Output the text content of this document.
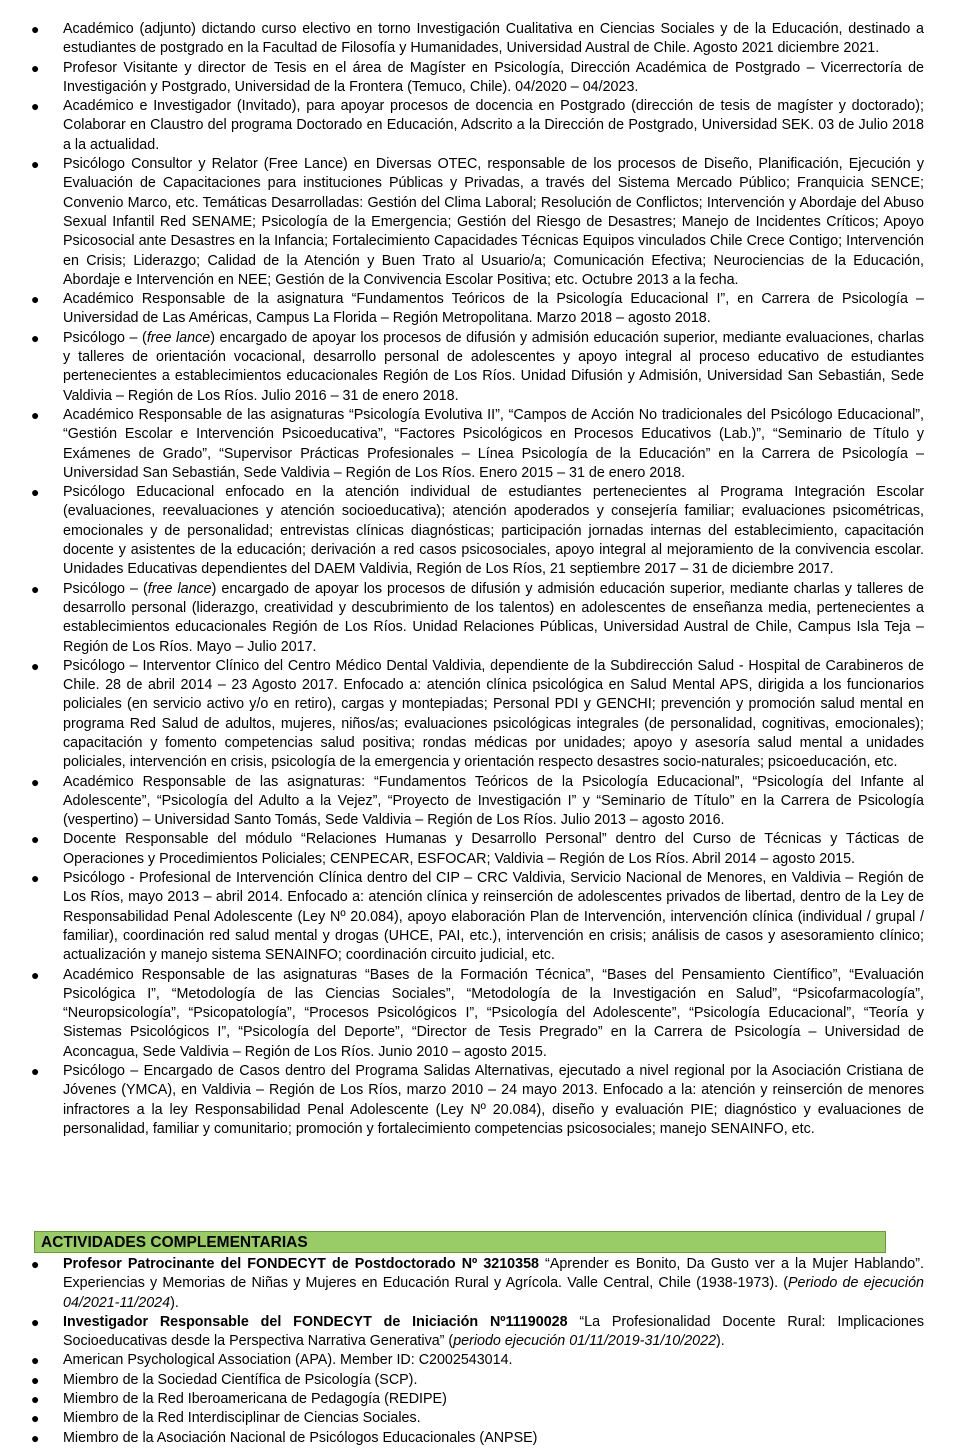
● Académico (adjunto) dictando curso electivo en torno Investigación Cualitativa en Ciencias Sociales y de la Educación, destinado a estudiantes de postgrado en la Facultad de Filosofía y Humanidades, Universidad Austral de Chile. Agosto 2021 diciembre 2021.
● Profesor Visitante y director de Tesis en el área de Magíster en Psicología, Dirección Académica de Postgrado – Vicerrectoría de Investigación y Postgrado, Universidad de la Frontera (Temuco, Chile). 04/2020 – 04/2023.
● Académico e Investigador (Invitado), para apoyar procesos de docencia en Postgrado (dirección de tesis de magíster y doctorado); Colaborar en Claustro del programa Doctorado en Educación, Adscrito a la Dirección de Postgrado, Universidad SEK. 03 de Julio 2018 a la actualidad.
● Psicólogo Consultor y Relator (Free Lance) en Diversas OTEC, responsable de los procesos de Diseño, Planificación, Ejecución y Evaluación de Capacitaciones para instituciones Públicas y Privadas, a través del Sistema Mercado Público; Franquicia SENCE; Convenio Marco, etc. Temáticas Desarrolladas: Gestión del Clima Laboral; Resolución de Conflictos; Intervención y Abordaje del Abuso Sexual Infantil Red SENAME; Psicología de la Emergencia; Gestión del Riesgo de Desastres; Manejo de Incidentes Críticos; Apoyo Psicosocial ante Desastres en la Infancia; Fortalecimiento Capacidades Técnicas Equipos vinculados Chile Crece Contigo; Intervención en Crisis; Liderazgo; Calidad de la Atención y Buen Trato al Usuario/a; Comunicación Efectiva; Neurociencias de la Educación, Abordaje e Intervención en NEE; Gestión de la Convivencia Escolar Positiva; etc. Octubre 2013 a la fecha.
● Académico Responsable de la asignatura “Fundamentos Teóricos de la Psicología Educacional I”, en Carrera de Psicología – Universidad de Las Américas, Campus La Florida – Región Metropolitana. Marzo 2018 – agosto 2018.
● Psicólogo – (free lance) encargado de apoyar los procesos de difusión y admisión educación superior, mediante evaluaciones, charlas y talleres de orientación vocacional, desarrollo personal de adolescentes y apoyo integral al proceso educativo de estudiantes pertenecientes a establecimientos educacionales Región de Los Ríos. Unidad Difusión y Admisión, Universidad San Sebastián, Sede Valdivia – Región de Los Ríos. Julio 2016 – 31 de enero 2018.
● Académico Responsable de las asignaturas “Psicología Evolutiva II”, “Campos de Acción No tradicionales del Psicólogo Educacional”, “Gestión Escolar e Intervención Psicoeducativa”, “Factores Psicológicos en Procesos Educativos (Lab.)”, “Seminario de Título y Exámenes de Grado”, “Supervisor Prácticas Profesionales – Línea Psicología de la Educación” en la Carrera de Psicología – Universidad San Sebastián, Sede Valdivia – Región de Los Ríos. Enero 2015 – 31 de enero 2018.
● Psicólogo Educacional enfocado en la atención individual de estudiantes pertenecientes al Programa Integración Escolar (evaluaciones, reevaluaciones y atención socioeducativa); atención apoderados y consejería familiar; evaluaciones psicométricas, emocionales y de personalidad; entrevistas clínicas diagnósticas; participación jornadas internas del establecimiento, capacitación docente y asistentes de la educación; derivación a red casos psicosociales, apoyo integral al mejoramiento de la convivencia escolar. Unidades Educativas dependientes del DAEM Valdivia, Región de Los Ríos, 21 septiembre 2017 – 31 de diciembre 2017.
● Psicólogo – (free lance) encargado de apoyar los procesos de difusión y admisión educación superior, mediante charlas y talleres de desarrollo personal (liderazgo, creatividad y descubrimiento de los talentos) en adolescentes de enseñanza media, pertenecientes a establecimientos educacionales Región de Los Ríos. Unidad Relaciones Públicas, Universidad Austral de Chile, Campus Isla Teja – Región de Los Ríos. Mayo – Julio 2017.
● Psicólogo – Interventor Clínico del Centro Médico Dental Valdivia, dependiente de la Subdirección Salud - Hospital de Carabineros de Chile. 28 de abril 2014 – 23 Agosto 2017. Enfocado a: atención clínica psicológica en Salud Mental APS, dirigida a los funcionarios policiales (en servicio activo y/o en retiro), cargas y montepiadas; Personal PDI y GENCHI; prevención y promoción salud mental en programa Red Salud de adultos, mujeres, niños/as; evaluaciones psicológicas integrales (de personalidad, cognitivas, emocionales); capacitación y fomento competencias salud positiva; rondas médicas por unidades; apoyo y asesoría salud mental a unidades policiales, intervención en crisis, psicología de la emergencia y orientación respecto desastres socio-naturales; psicoeducación, etc.
● Académico Responsable de las asignaturas: “Fundamentos Teóricos de la Psicología Educacional”, “Psicología del Infante al Adolescente”, “Psicología del Adulto a la Vejez”, “Proyecto de Investigación I” y “Seminario de Título” en la Carrera de Psicología (vespertino) – Universidad Santo Tomás, Sede Valdivia – Región de Los Ríos. Julio 2013 – agosto 2016.
● Docente Responsable del módulo “Relaciones Humanas y Desarrollo Personal” dentro del Curso de Técnicas y Tácticas de Operaciones y Procedimientos Policiales; CENPECAR, ESFOCAR; Valdivia – Región de Los Ríos. Abril 2014 – agosto 2015.
● Psicólogo - Profesional de Intervención Clínica dentro del CIP – CRC Valdivia, Servicio Nacional de Menores, en Valdivia – Región de Los Ríos, mayo 2013 – abril 2014. Enfocado a: atención clínica y reinserción de adolescentes privados de libertad, dentro de la Ley de Responsabilidad Penal Adolescente (Ley Nº 20.084), apoyo elaboración Plan de Intervención, intervención clínica (individual / grupal / familiar), coordinación red salud mental y drogas (UHCE, PAI, etc.), intervención en crisis; análisis de casos y asesoramiento clínico; actualización y manejo sistema SENAINFO; coordinación circuito judicial, etc.
● Académico Responsable de las asignaturas “Bases de la Formación Técnica”, “Bases del Pensamiento Científico”, “Evaluación Psicológica I”, “Metodología de las Ciencias Sociales”, “Metodología de la Investigación en Salud”, “Psicofarmacología”, “Neuropsicología”, “Psicopatología”, “Procesos Psicológicos I”, “Psicología del Adolescente”, “Psicología Educacional”, “Teoría y Sistemas Psicológicos I”, “Psicología del Deporte”, “Director de Tesis Pregrado” en la Carrera de Psicología – Universidad de Aconcagua, Sede Valdivia – Región de Los Ríos. Junio 2010 – agosto 2015.
● Psicólogo – Encargado de Casos dentro del Programa Salidas Alternativas, ejecutado a nivel regional por la Asociación Cristiana de Jóvenes (YMCA), en Valdivia – Región de Los Ríos, marzo 2010 – 24 mayo 2013. Enfocado a la: atención y reinserción de menores infractores a la ley Responsabilidad Penal Adolescente (Ley Nº 20.084), diseño y evaluación PIE; diagnóstico y evaluaciones de personalidad, familiar y comunitario; promoción y fortalecimiento competencias psicosociales; manejo SENAINFO, etc.
ACTIVIDADES COMPLEMENTARIAS
● Profesor Patrocinante del FONDECYT de Postdoctorado Nº 3210358 “Aprender es Bonito, Da Gusto ver a la Mujer Hablando”. Experiencias y Memorias de Niñas y Mujeres en Educación Rural y Agrícola. Valle Central, Chile (1938-1973). (Periodo de ejecución 04/2021-11/2024).
● Investigador Responsable del FONDECYT de Iniciación Nº11190028 “La Profesionalidad Docente Rural: Implicaciones Socioeducativas desde la Perspectiva Narrativa Generativa” (periodo ejecución 01/11/2019-31/10/2022).
● American Psychological Association (APA). Member ID: C2002543014.
● Miembro de la Sociedad Científica de Psicología (SCP).
● Miembro de la Red Iberoamericana de Pedagogía (REDIPE)
● Miembro de la Red Interdisciplinar de Ciencias Sociales.
● Miembro de la Asociación Nacional de Psicólogos Educacionales (ANPSE)
